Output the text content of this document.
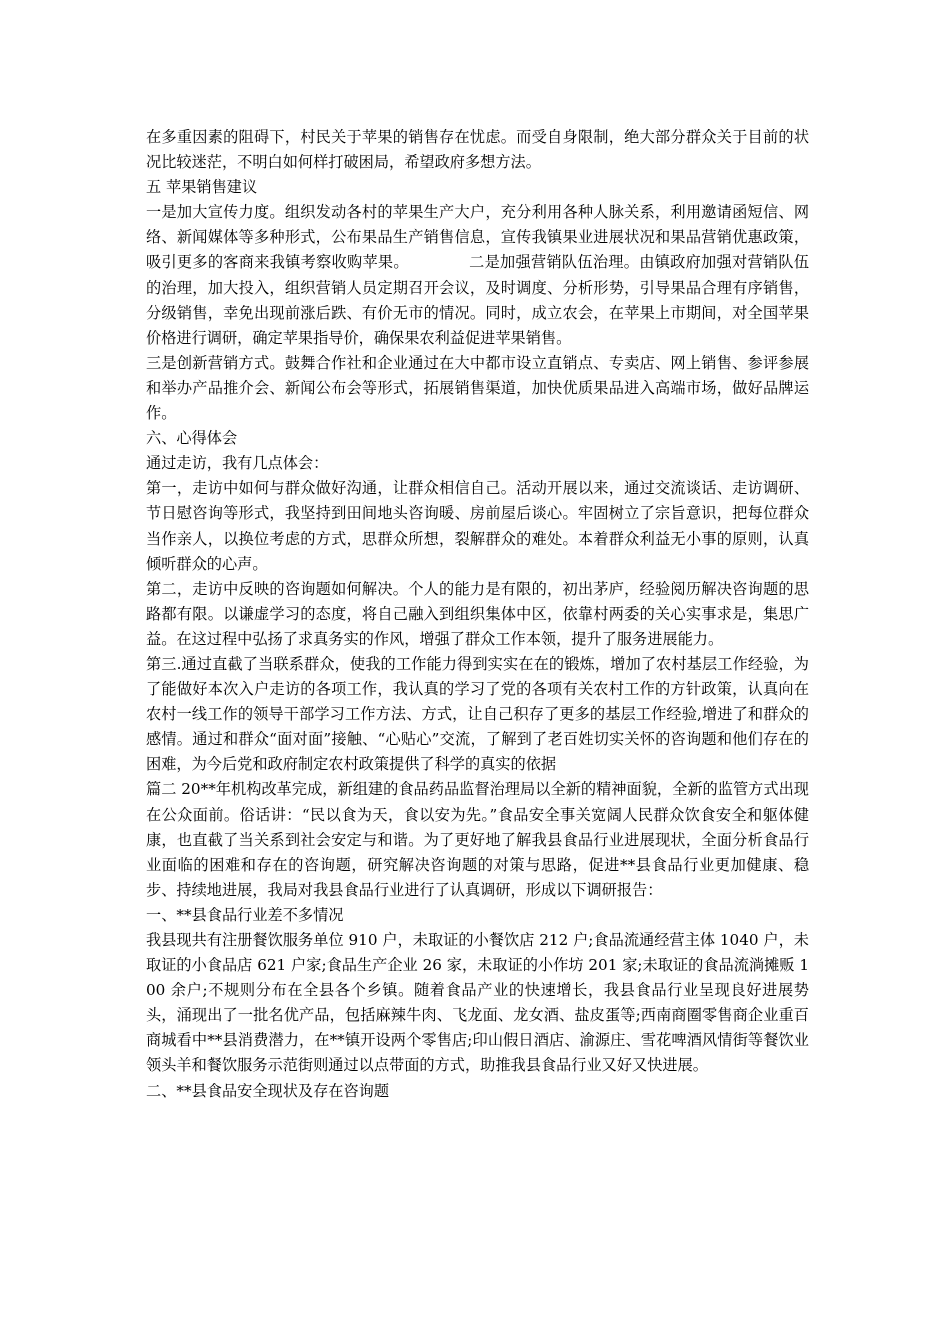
在多重因素的阻碍下，村民关于苹果的销售存在忧虑。而受自身限制，绝大部分群众关于目前的状况比较迷茫，不明白如何样打破困局，希望政府多想方法。

五 苹果销售建议

一是加大宣传力度。组织发动各村的苹果生产大户，充分利用各种人脉关系，利用邀请函短信、网络、新闻媒体等多种形式，公布果品生产销售信息，宣传我镇果业进展状况和果品营销优惠政策，吸引更多的客商来我镇考察收购苹果。	二是加强营销队伍治理。由镇政府加强对营销队伍的治理，加大投入，组织营销人员定期召开会议，及时调度、分析形势，引导果品合理有序销售，分级销售，幸免出现前涨后跌、有价无市的情况。同时，成立农会，在苹果上市期间，对全国苹果价格进行调研，确定苹果指导价，确保果农利益促进苹果销售。

三是创新营销方式。鼓舞合作社和企业通过在大中都市设立直销点、专卖店、网上销售、参评参展和举办产品推介会、新闻公布会等形式，拓展销售渠道，加快优质果品进入高端市场，做好品牌运作。

六、心得体会

通过走访，我有几点体会：

第一，走访中如何与群众做好沟通，让群众相信自己。活动开展以来，通过交流谈话、走访调研、节日慰咨询等形式，我坚持到田间地头咨询暖、房前屋后谈心。牢固树立了宗旨意识，把每位群众当作亲人，以换位考虑的方式，思群众所想，裂解群众的难处。本着群众利益无小事的原则，认真倾听群众的心声。

第二，走访中反映的咨询题如何解决。个人的能力是有限的，初出茅庐，经验阅历解决咨询题的思路都有限。以谦虚学习的态度，将自己融入到组织集体中区，依靠村两委的关心实事求是，集思广益。在这过程中弘扬了求真务实的作风，增强了群众工作本领，提升了服务进展能力。

第三.通过直截了当联系群众，使我的工作能力得到实实在在的锻炼，增加了农村基层工作经验，为了能做好本次入户走访的各项工作，我认真的学习了党的各项有关农村工作的方针政策，认真向在农村一线工作的领导干部学习工作方法、方式，让自己积存了更多的基层工作经验,增进了和群众的感情。通过和群众“面对面”接触、“心贴心”交流，了解到了老百姓切实关怀的咨询题和他们存在的困难，为今后党和政府制定农村政策提供了科学的真实的依据

篇二 20**年机构改革完成，新组建的食品药品监督治理局以全新的精神面貌，全新的监管方式出现在公众面前。俗话讲：“民以食为天，食以安为先。”食品安全事关宽阔人民群众饮食安全和躯体健康，也直截了当关系到社会安定与和谐。为了更好地了解我县食品行业进展现状，全面分析食品行业面临的困难和存在的咨询题，研究解决咨询题的对策与思路，促进**县食品行业更加健康、稳步、持续地进展，我局对我县食品行业进行了认真调研，形成以下调研报告：

一、**县食品行业差不多情况

我县现共有注册餐饮服务单位 910 户，未取证的小餐饮店 212 户;食品流通经营主体 1040 户，未取证的小食品店 621 户家;食品生产企业 26 家，未取证的小作坊 201 家;未取证的食品流淌摊贩 100 余户;不规则分布在全县各个乡镇。随着食品产业的快速增长，我县食品行业呈现良好进展势头，涌现出了一批名优产品，包括麻辣牛肉、飞龙面、龙女酒、盐皮蛋等;西南商圈零售商企业重百商城看中**县消费潜力，在**镇开设两个零售店;印山假日酒店、渝源庄、雪花啤酒风情街等餐饮业领头羊和餐饮服务示范街则通过以点带面的方式，助推我县食品行业又好又快进展。

二、**县食品安全现状及存在咨询题
